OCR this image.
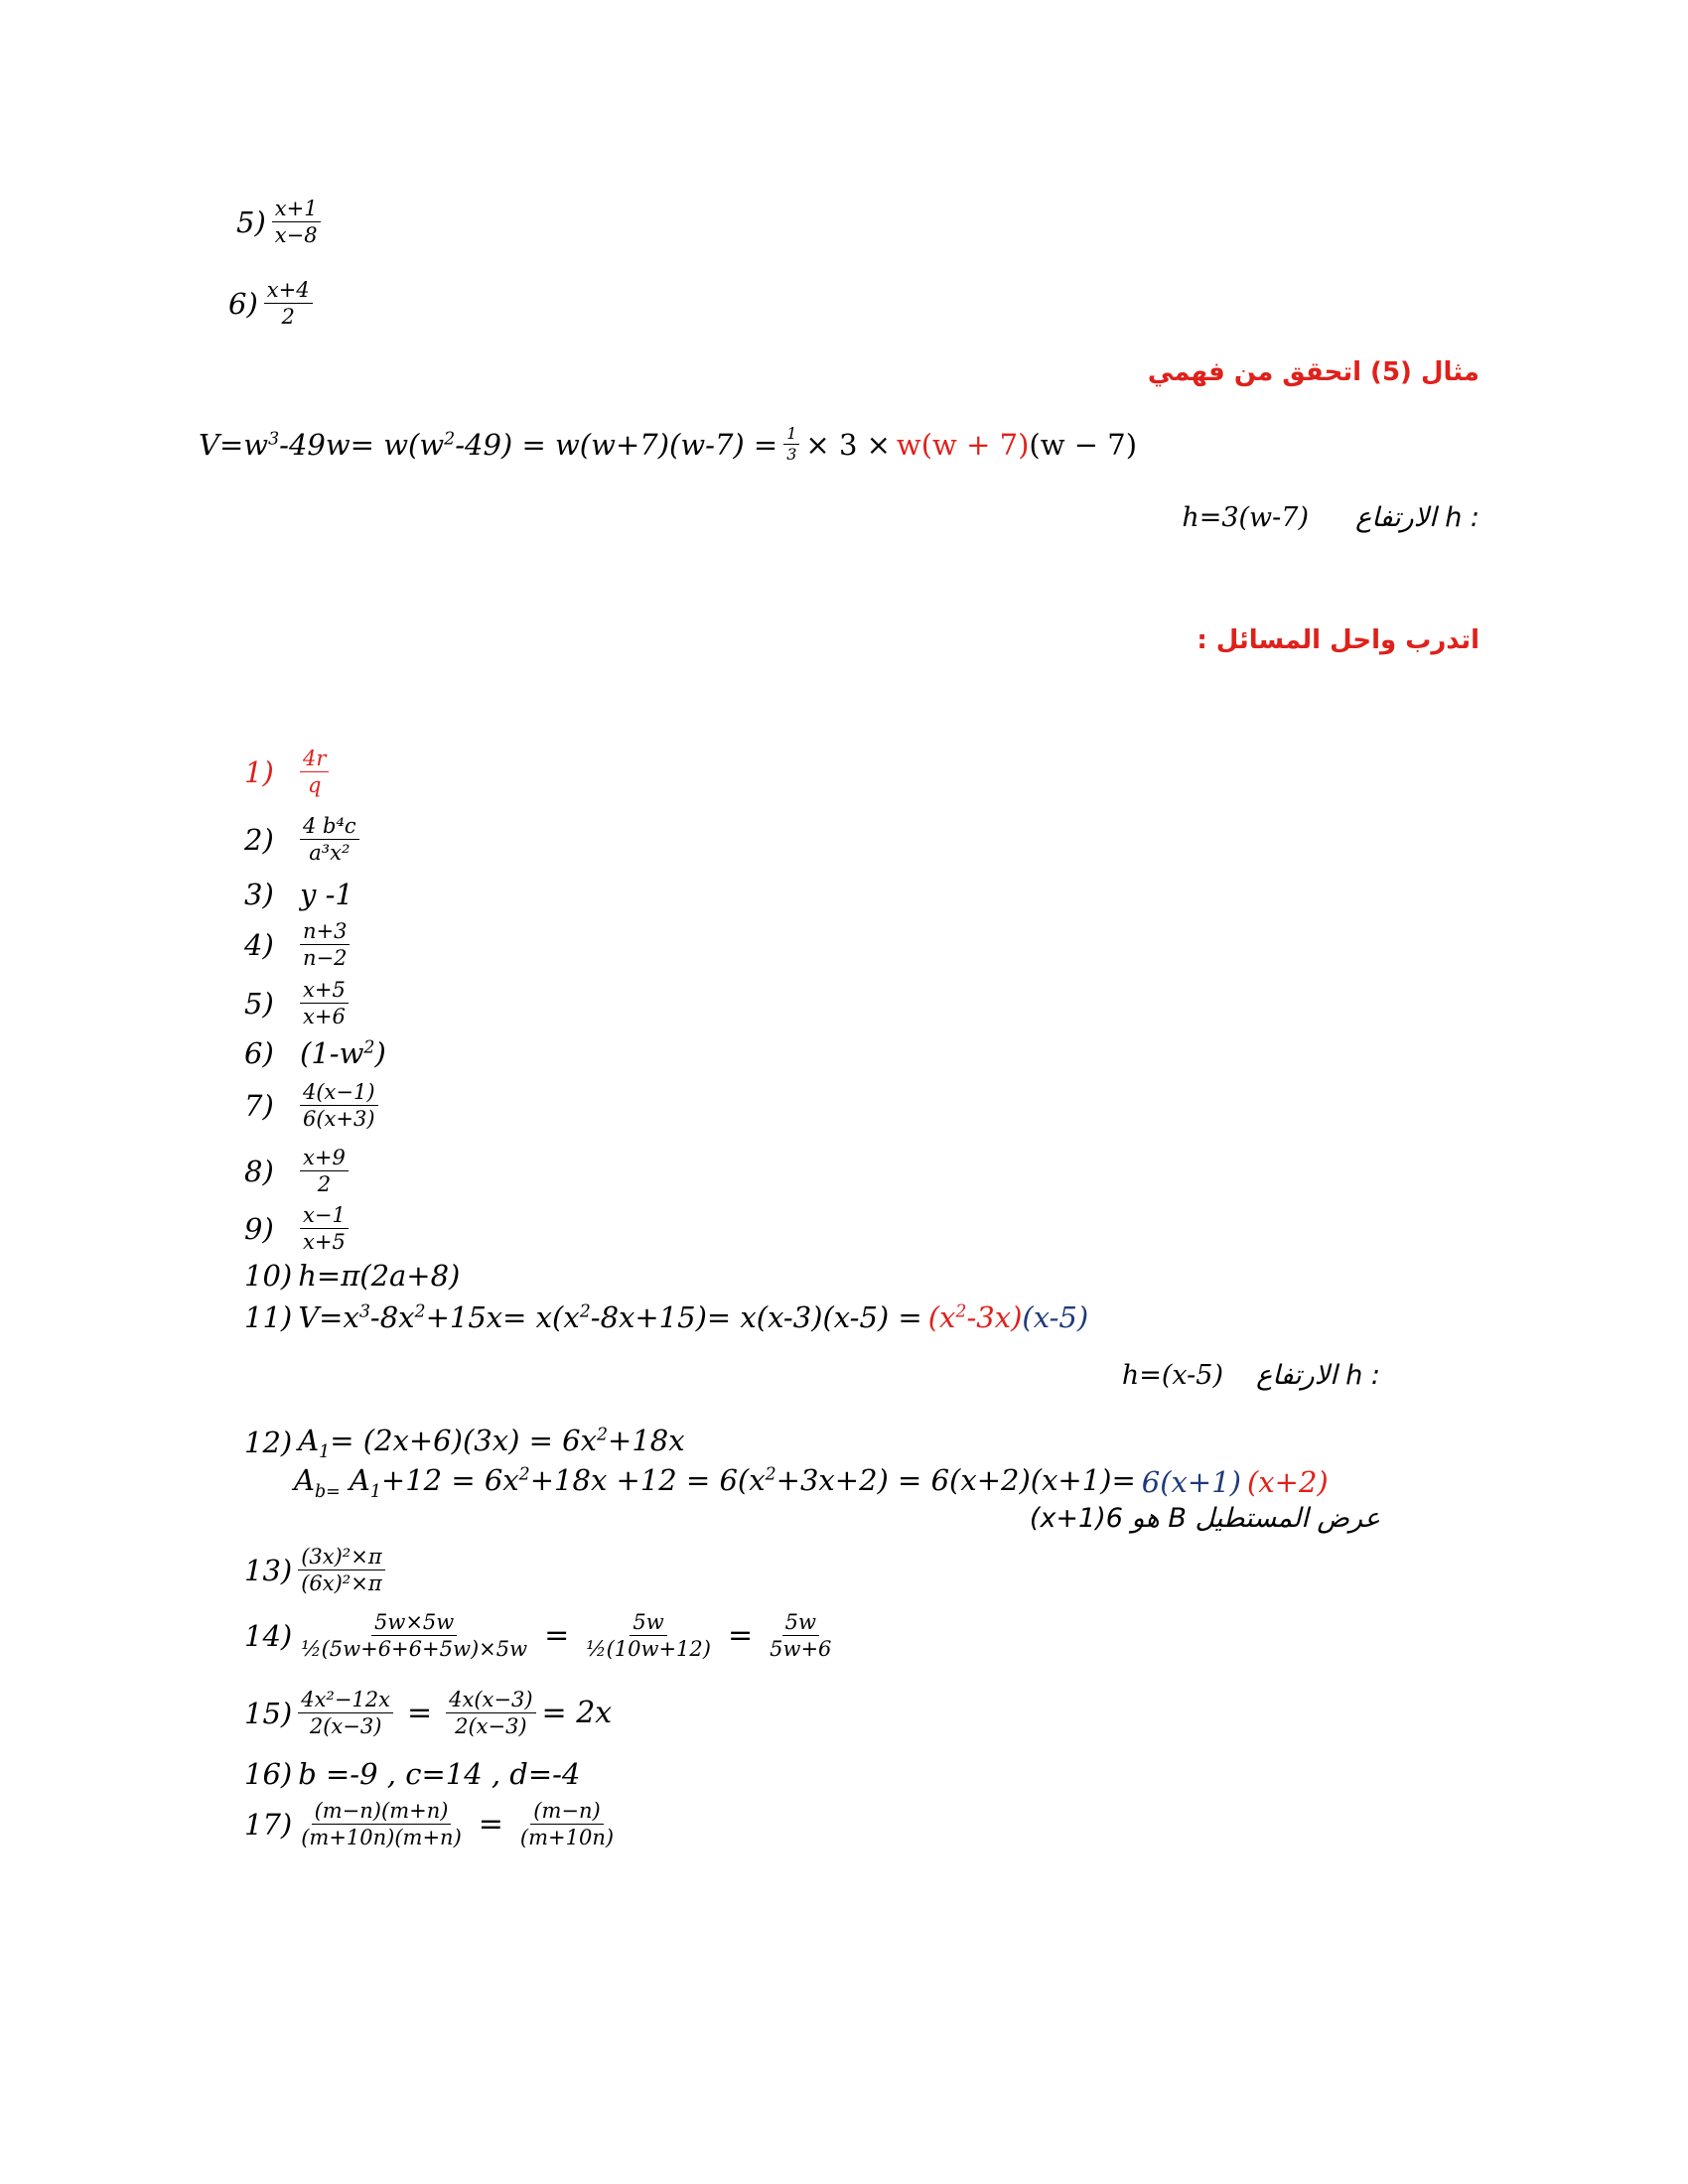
$5) \frac{x+1}{x-8}$
$6) \frac{x+4}{2}$
مثال (5) اتحقق من فهمي
$V=w^3-49w= w(w^2-49) = w(w+7)(w-7) = \frac{1}{3} \times 3 \times w(w + 7) (w - 7)$
h=3(w-7) الارتفاع h :
اتدرب واحل المسائل :
1)	$\frac{4r}{q}$
2)	$\frac{\text{4 b⁴c}}{\text{a³x²}}$
3) y -1
4)	$\frac{n+3}{n-2}$
5)	$\frac{x+5}{x+6}$
6) $(1-w^2)$
7)	$\frac{4(x-1)}{6(x+3)}$
8)	$\frac{x+9}{2}$
9)	$\frac{x-1}{x+5}$
10) h=π(2a+8)
11) $V=x^3-8x^2+15x= x(x^2-8x+15)= x(x-3)(x-5) = (x^2-3x)$ (x-5)
h=(x-5) الارتفاع h :
12) $A_1= (2x+6)(3x) = 6x^2+18x$
$A_{b=}$ $A_1+12 = 6x^2+18x +12 = 6(x^2+3x+2) = 6(x+2)(x+1)= 6(x+1)$ (x+2)
عرض المستطيل B هو 6(x+1)
$13) \frac{\text{(3x)²×π}}{\text{(6x)²×π}}$
$14) \frac{5w\times 5w}{\text{½(5w+6+6+5w)×5w}} = \frac{5w}{\text{½(10w+12)}} = \frac{5w}{5w+6}$
$15) \frac{\text{4x²−12x}}{2(x-3)} = \frac{4x(x-3)}{2(x-3)} = 2x$
16) b =-9 , c=14 , d=-4
$17) \frac{(m-n)(m+n)}{(m+10n)(m+n)} = \frac{(m-n)}{(m+10n)}$
